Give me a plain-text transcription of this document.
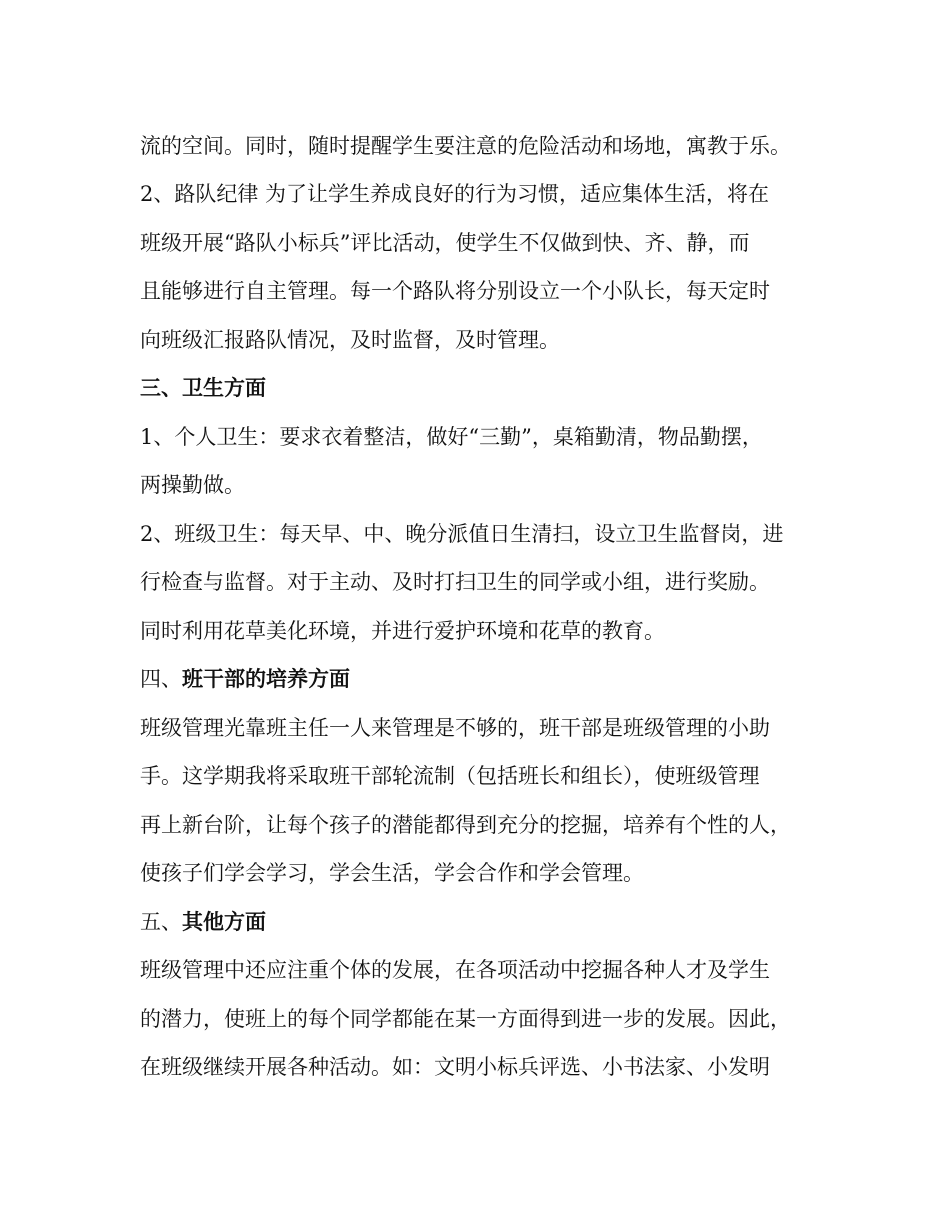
流的空间。同时，随时提醒学生要注意的危险活动和场地，寓教于乐。
2、路队纪律 为了让学生养成良好的行为习惯，适应集体生活，将在
班级开展“路队小标兵”评比活动，使学生不仅做到快、齐、静，而
且能够进行自主管理。每一个路队将分别设立一个小队长，每天定时
向班级汇报路队情况，及时监督，及时管理。
三、卫生方面
1、个人卫生：要求衣着整洁，做好“三勤”，桌箱勤清，物品勤摆，
两操勤做。
2、班级卫生：每天早、中、晚分派值日生清扫，设立卫生监督岗，进
行检查与监督。对于主动、及时打扫卫生的同学或小组，进行奖励。
同时利用花草美化环境，并进行爱护环境和花草的教育。
四、班干部的培养方面
班级管理光靠班主任一人来管理是不够的，班干部是班级管理的小助
手。这学期我将采取班干部轮流制（包括班长和组长），使班级管理
再上新台阶，让每个孩子的潜能都得到充分的挖掘，培养有个性的人，
使孩子们学会学习，学会生活，学会合作和学会管理。
五、其他方面
班级管理中还应注重个体的发展，在各项活动中挖掘各种人才及学生
的潜力，使班上的每个同学都能在某一方面得到进一步的发展。因此，
在班级继续开展各种活动。如：文明小标兵评选、小书法家、小发明
